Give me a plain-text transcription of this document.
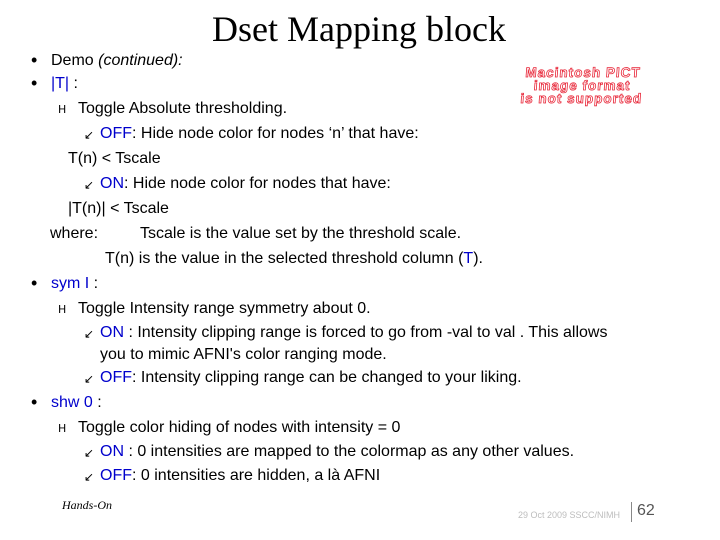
Dset Mapping block
Macintosh PICT
image format
is not supported
• Demo (continued):
• |T| :
H Toggle Absolute thresholding.
↙ OFF: Hide node color for nodes ‘n’ that have:
T(n) < Tscale
↙ ON: Hide node color for nodes that have:
|T(n)| < Tscale
where:	Tscale is the value set by the threshold scale.
T(n) is the value in the selected threshold column (T).
• sym I :
H Toggle Intensity range symmetry about 0.
↙ ON : Intensity clipping range is forced to go from -val to val . This allows
you to mimic AFNI's color ranging mode.
↙ OFF: Intensity clipping range can be changed to your liking.
• shw 0 :
H Toggle color hiding of nodes with intensity = 0
↙ ON : 0 intensities are mapped to the colormap as any other values.
↙ OFF: 0 intensities are hidden, a là AFNI
Hands-On
29 Oct 2009 SSCC/NIMH 62
